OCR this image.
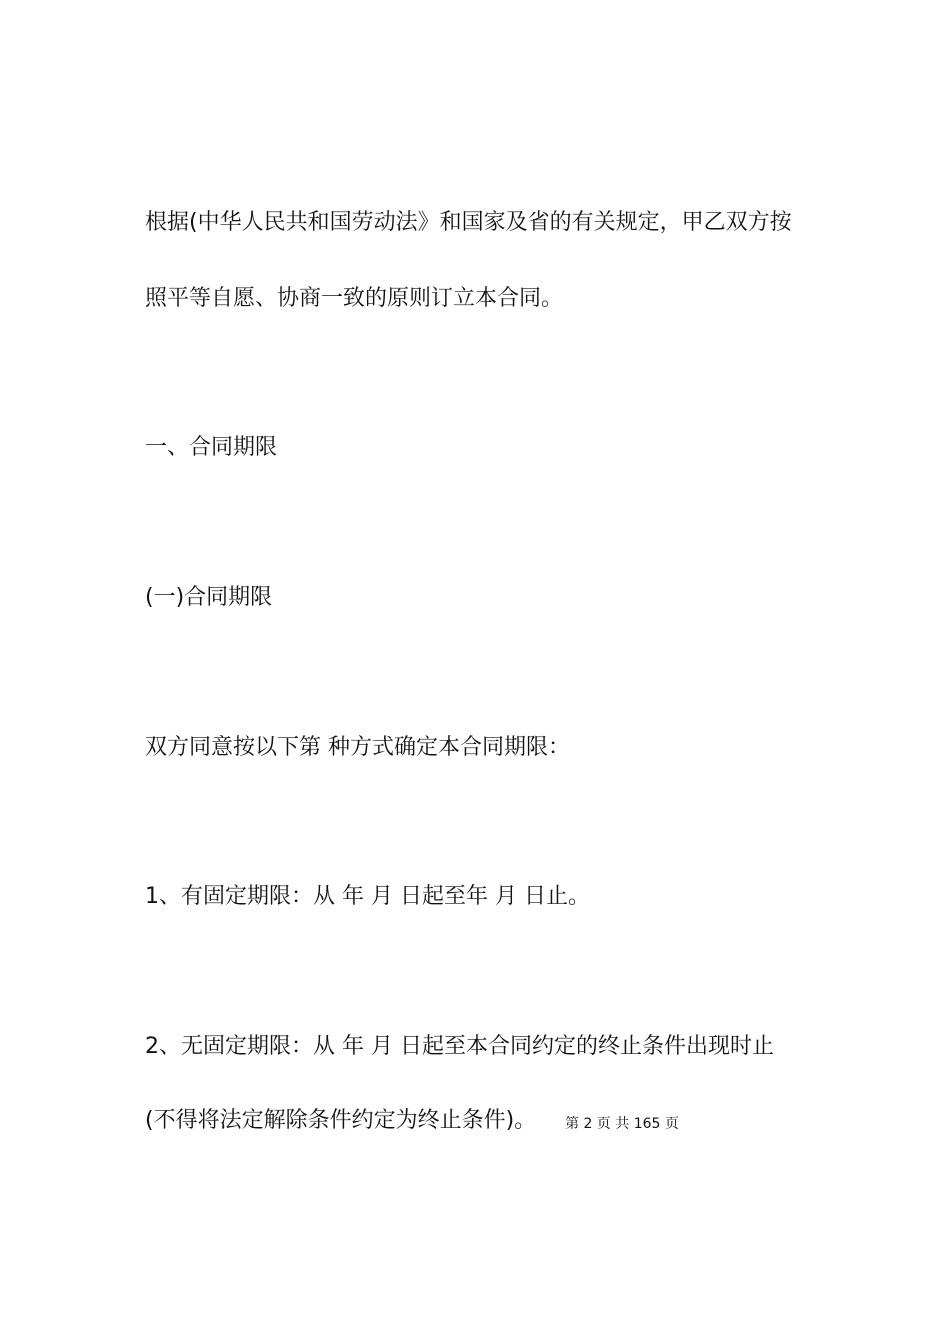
根据(中华人民共和国劳动法》和国家及省的有关规定，甲乙双方按
照平等自愿、协商一致的原则订立本合同。
一、合同期限
(一)合同期限
双方同意按以下第 种方式确定本合同期限：
1、有固定期限：从 年 月 日起至年 月 日止。
2、无固定期限：从 年 月 日起至本合同约定的终止条件出现时止
(不得将法定解除条件约定为终止条件)。	第 2 页 共 165 页
